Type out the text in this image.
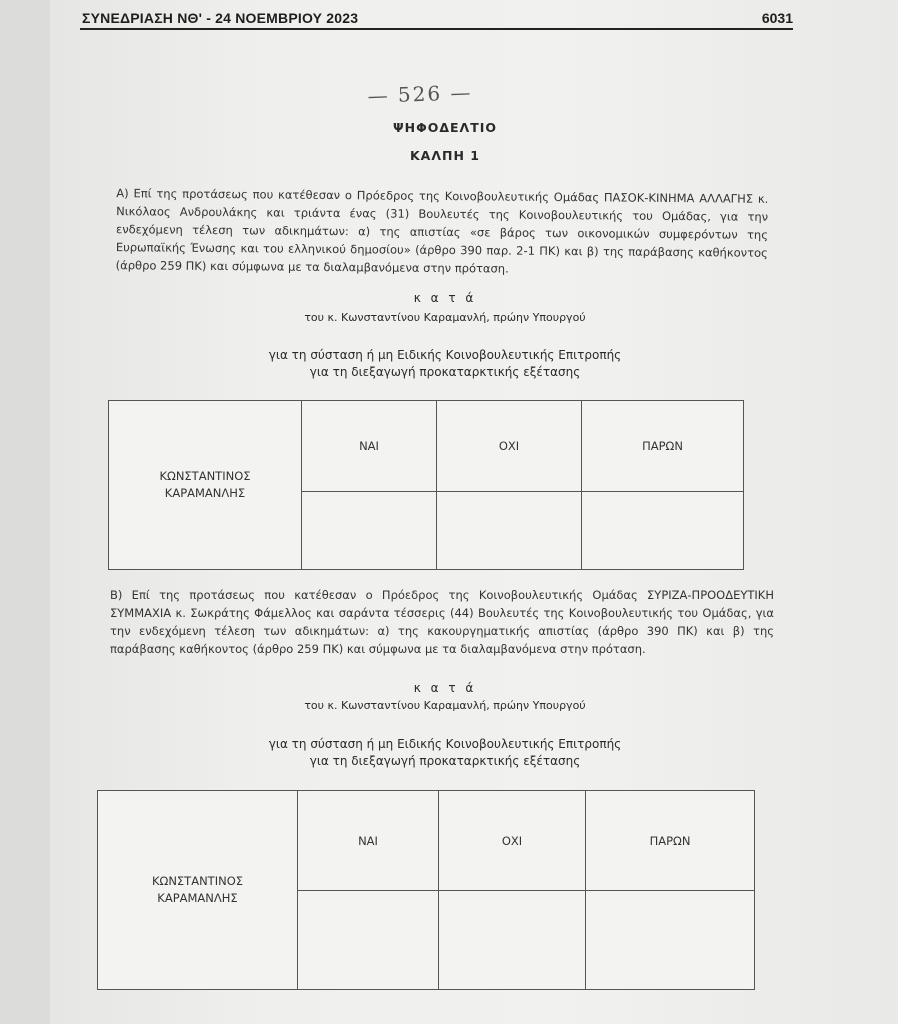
ΣΥΝΕΔΡΙΑΣΗ ΝΘ' - 24 ΝΟΕΜΒΡΙΟΥ 2023	6031
— 526 —
ΨΗΦΟΔΕΛΤΙΟ
ΚΑΛΠΗ 1
Α) Επί της προτάσεως που κατέθεσαν ο Πρόεδρος της Κοινοβουλευτικής Ομάδας ΠΑΣΟΚ-ΚΙΝΗΜΑ ΑΛΛΑΓΗΣ κ. Νικόλαος Ανδρουλάκης και τριάντα ένας (31) Βουλευτές της Κοινοβουλευτικής του Ομάδας, για την ενδεχόμενη τέλεση των αδικημάτων: α) της απιστίας «σε βάρος των οικονομικών συμφερόντων της Ευρωπαϊκής Ένωσης και του ελληνικού δημοσίου» (άρθρο 390 παρ. 2-1 ΠΚ) και β) της παράβασης καθήκοντος (άρθρο 259 ΠΚ) και σύμφωνα με τα διαλαμβανόμενα στην πρόταση.
κ α τ ά
του κ. Κωνσταντίνου Καραμανλή, πρώην Υπουργού
για τη σύσταση ή μη Ειδικής Κοινοβουλευτικής Επιτροπής
για τη διεξαγωγή προκαταρκτικής εξέτασης
ΚΩΝΣΤΑΝΤΙΝΟΣ
ΚΑΡΑΜΑΝΛΗΣ	ΝΑΙ	ΟΧΙ	ΠΑΡΩΝ

Β) Επί της προτάσεως που κατέθεσαν ο Πρόεδρος της Κοινοβουλευτικής Ομάδας ΣΥΡΙΖΑ-ΠΡΟΟΔΕΥΤΙΚΗ ΣΥΜΜΑΧΙΑ κ. Σωκράτης Φάμελλος και σαράντα τέσσερις (44) Βουλευτές της Κοινοβουλευτικής του Ομάδας, για την ενδεχόμενη τέλεση των αδικημάτων: α) της κακουργηματικής απιστίας (άρθρο 390 ΠΚ) και β) της παράβασης καθήκοντος (άρθρο 259 ΠΚ) και σύμφωνα με τα διαλαμβανόμενα στην πρόταση.
κ α τ ά
του κ. Κωνσταντίνου Καραμανλή, πρώην Υπουργού
για τη σύσταση ή μη Ειδικής Κοινοβουλευτικής Επιτροπής
για τη διεξαγωγή προκαταρκτικής εξέτασης
ΚΩΝΣΤΑΝΤΙΝΟΣ
ΚΑΡΑΜΑΝΛΗΣ	ΝΑΙ	ΟΧΙ	ΠΑΡΩΝ
